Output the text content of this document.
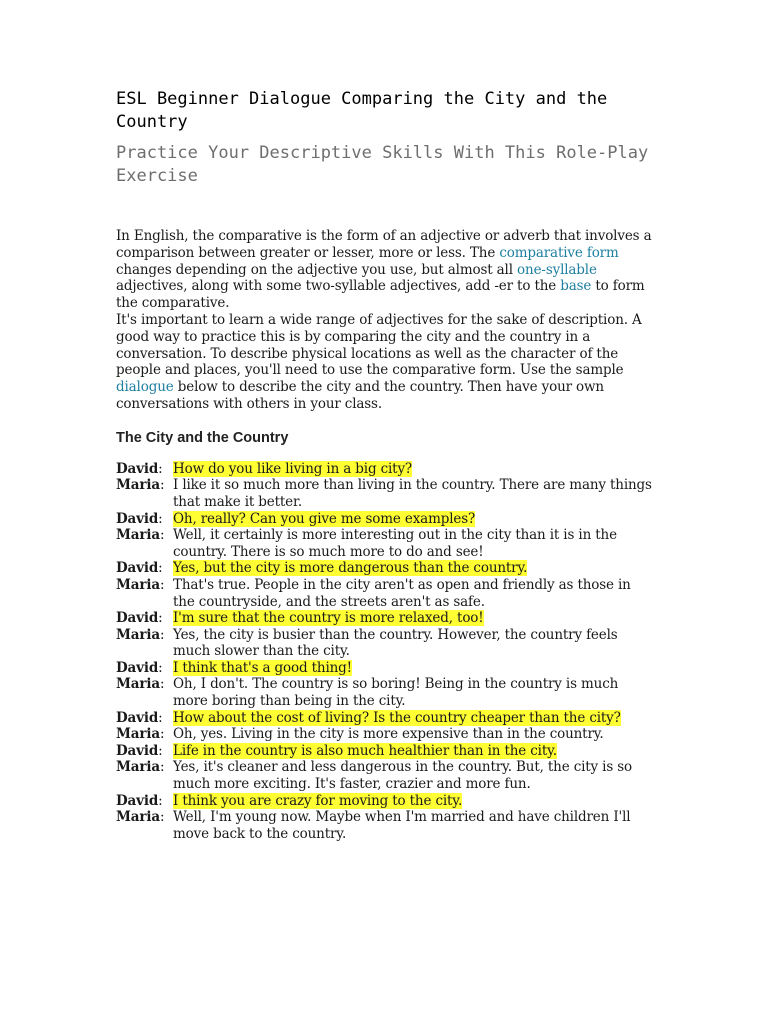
ESL Beginner Dialogue Comparing the City and the Country
Practice Your Descriptive Skills With This Role-Play Exercise

In English, the comparative is the form of an adjective or adverb that involves a comparison between greater or lesser, more or less. The comparative form changes depending on the adjective you use, but almost all one-syllable adjectives, along with some two-syllable adjectives, add -er to the base to form the comparative.

It's important to learn a wide range of adjectives for the sake of description. A good way to practice this is by comparing the city and the country in a conversation. To describe physical locations as well as the character of the people and places, you'll need to use the comparative form. Use the sample dialogue below to describe the city and the country. Then have your own conversations with others in your class.

The City and the Country
David: How do you like living in a big city?
Maria: I like it so much more than living in the country. There are many things that make it better.
David: Oh, really? Can you give me some examples?
Maria: Well, it certainly is more interesting out in the city than it is in the country. There is so much more to do and see!
David: Yes, but the city is more dangerous than the country.
Maria: That's true. People in the city aren't as open and friendly as those in the countryside, and the streets aren't as safe.
David: I'm sure that the country is more relaxed, too!
Maria: Yes, the city is busier than the country. However, the country feels much slower than the city.
David: I think that's a good thing!
Maria: Oh, I don't. The country is so boring! Being in the country is much more boring than being in the city.
David: How about the cost of living? Is the country cheaper than the city?
Maria: Oh, yes. Living in the city is more expensive than in the country.
David: Life in the country is also much healthier than in the city.
Maria: Yes, it's cleaner and less dangerous in the country. But, the city is so much more exciting. It's faster, crazier and more fun.
David: I think you are crazy for moving to the city.
Maria: Well, I'm young now. Maybe when I'm married and have children I'll move back to the country.
